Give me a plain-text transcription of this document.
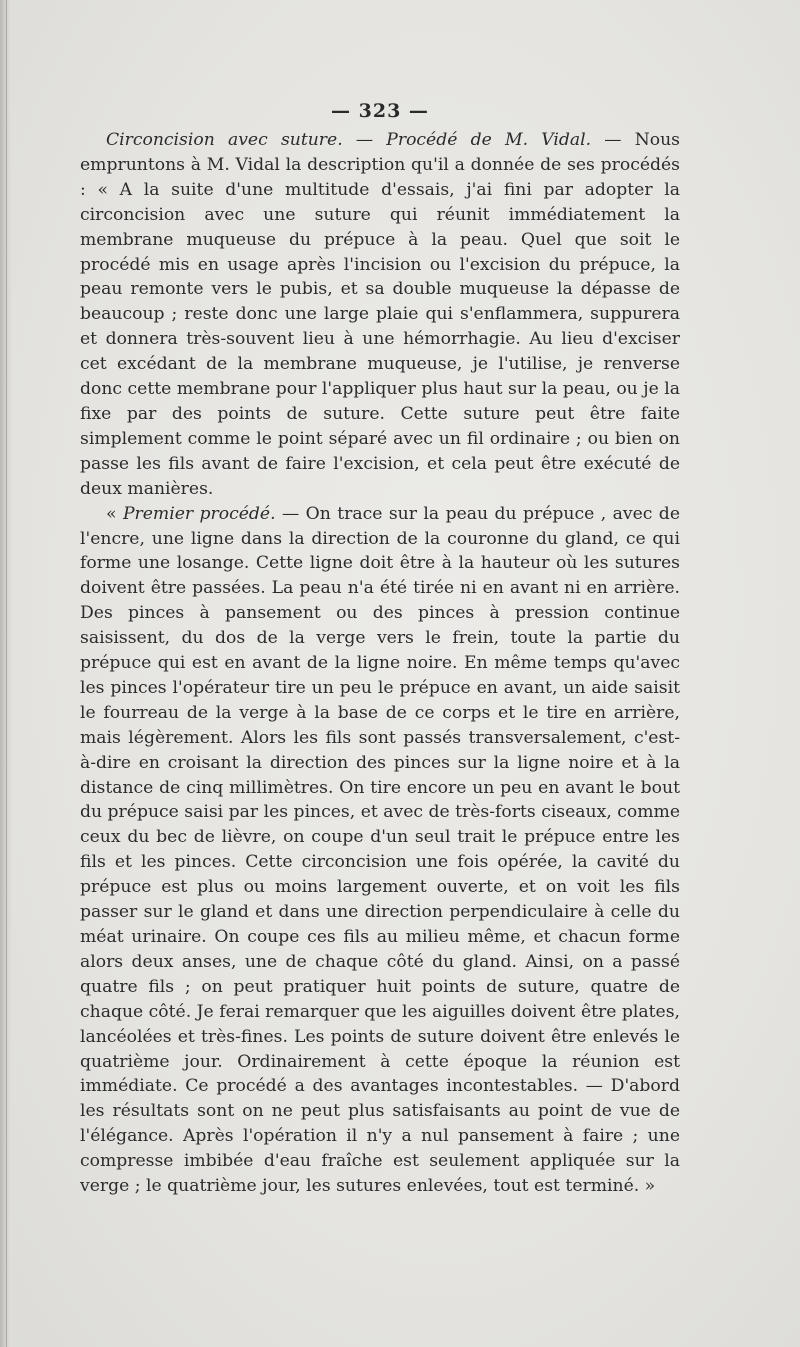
— 323 —

Circoncision avec suture. — Procédé de M. Vidal. — Nous empruntons à M. Vidal la description qu'il a donnée de ses procédés : « A la suite d'une multitude d'essais, j'ai fini par adopter la circoncision avec une suture qui réunit immédiatement la membrane muqueuse du prépuce à la peau. Quel que soit le procédé mis en usage après l'incision ou l'excision du prépuce, la peau remonte vers le pubis, et sa double muqueuse la dépasse de beaucoup ; reste donc une large plaie qui s'enflammera, suppurera et donnera très-souvent lieu à une hémorrhagie. Au lieu d'exciser cet excédant de la membrane muqueuse, je l'utilise, je renverse donc cette membrane pour l'appliquer plus haut sur la peau, ou je la fixe par des points de suture. Cette suture peut être faite simplement comme le point séparé avec un fil ordinaire ; ou bien on passe les fils avant de faire l'excision, et cela peut être exécuté de deux manières.

« Premier procédé. — On trace sur la peau du prépuce , avec de l'encre, une ligne dans la direction de la couronne du gland, ce qui forme une losange. Cette ligne doit être à la hauteur où les sutures doivent être passées. La peau n'a été tirée ni en avant ni en arrière. Des pinces à pansement ou des pinces à pression continue saisissent, du dos de la verge vers le frein, toute la partie du prépuce qui est en avant de la ligne noire. En même temps qu'avec les pinces l'opérateur tire un peu le prépuce en avant, un aide saisit le fourreau de la verge à la base de ce corps et le tire en arrière, mais légèrement. Alors les fils sont passés transversalement, c'est-à-dire en croisant la direction des pinces sur la ligne noire et à la distance de cinq millimètres. On tire encore un peu en avant le bout du prépuce saisi par les pinces, et avec de très-forts ciseaux, comme ceux du bec de lièvre, on coupe d'un seul trait le prépuce entre les fils et les pinces. Cette circoncision une fois opérée, la cavité du prépuce est plus ou moins largement ouverte, et on voit les fils passer sur le gland et dans une direction perpendiculaire à celle du méat urinaire. On coupe ces fils au milieu même, et chacun forme alors deux anses, une de chaque côté du gland. Ainsi, on a passé quatre fils ; on peut pratiquer huit points de suture, quatre de chaque côté. Je ferai remarquer que les aiguilles doivent être plates, lancéolées et très-fines. Les points de suture doivent être enlevés le quatrième jour. Ordinairement à cette époque la réunion est immédiate. Ce procédé a des avantages incontestables. — D'abord les résultats sont on ne peut plus satisfaisants au point de vue de l'élégance. Après l'opération il n'y a nul pansement à faire ; une compresse imbibée d'eau fraîche est seulement appliquée sur la verge ; le quatrième jour, les sutures enlevées, tout est terminé. »
